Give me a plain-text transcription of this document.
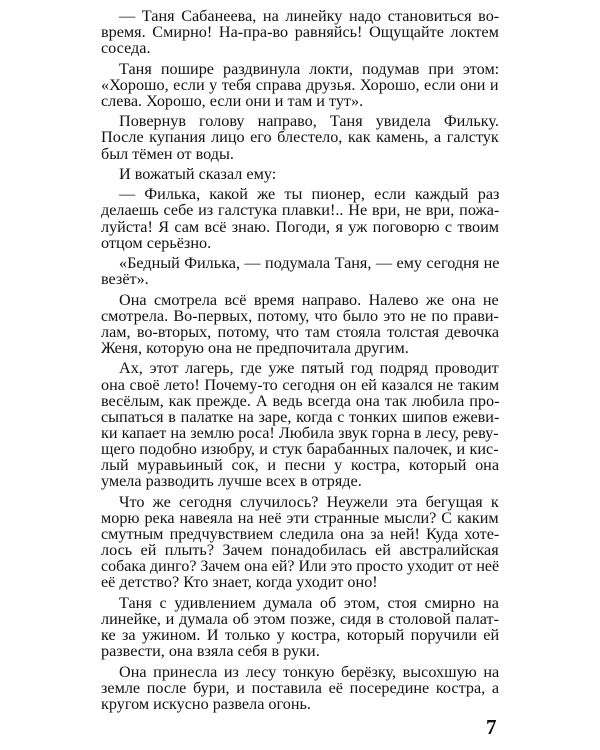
— Таня Сабанеева, на линейку надо становиться во-
время. Смирно! На-пра-во равняйсь! Ощущайте локтем
соседа.
Таня пошире раздвинула локти, подумав при этом:
«Хорошо, если у тебя справа друзья. Хорошо, если они и
слева. Хорошо, если они и там и тут».
Повернув голову направо, Таня увидела Фильку.
После купания лицо его блестело, как камень, а галстук
был тёмен от воды.
И вожатый сказал ему:
— Филька, какой же ты пионер, если каждый раз
делаешь себе из галстука плавки!.. Не ври, не ври, пожа-
луйста! Я сам всё знаю. Погоди, я уж поговорю с твоим
отцом серьёзно.
«Бедный Филька, — подумала Таня, — ему сегодня не
везёт».
Она смотрела всё время направо. Налево же она не
смотрела. Во-первых, потому, что было это не по прави-
лам, во-вторых, потому, что там стояла толстая девочка
Женя, которую она не предпочитала другим.
Ах, этот лагерь, где уже пятый год подряд проводит
она своё лето! Почему-то сегодня он ей казался не таким
весёлым, как прежде. А ведь всегда она так любила про-
сыпаться в палатке на заре, когда с тонких шипов ежеви-
ки капает на землю роса! Любила звук горна в лесу, реву-
щего подобно изюбру, и стук барабанных палочек, и кис-
лый муравьиный сок, и песни у костра, который она
умела разводить лучше всех в отряде.
Что же сегодня случилось? Неужели эта бегущая к
морю река навеяла на неё эти странные мысли? С каким
смутным предчувствием следила она за ней! Куда хоте-
лось ей плыть? Зачем понадобилась ей австралийская
собака динго? Зачем она ей? Или это просто уходит от неё
её детство? Кто знает, когда уходит оно!
Таня с удивлением думала об этом, стоя смирно на
линейке, и думала об этом позже, сидя в столовой палат-
ке за ужином. И только у костра, который поручили ей
развести, она взяла себя в руки.
Она принесла из лесу тонкую берёзку, высохшую на
земле после бури, и поставила её посередине костра, а
кругом искусно развела огонь.
7
